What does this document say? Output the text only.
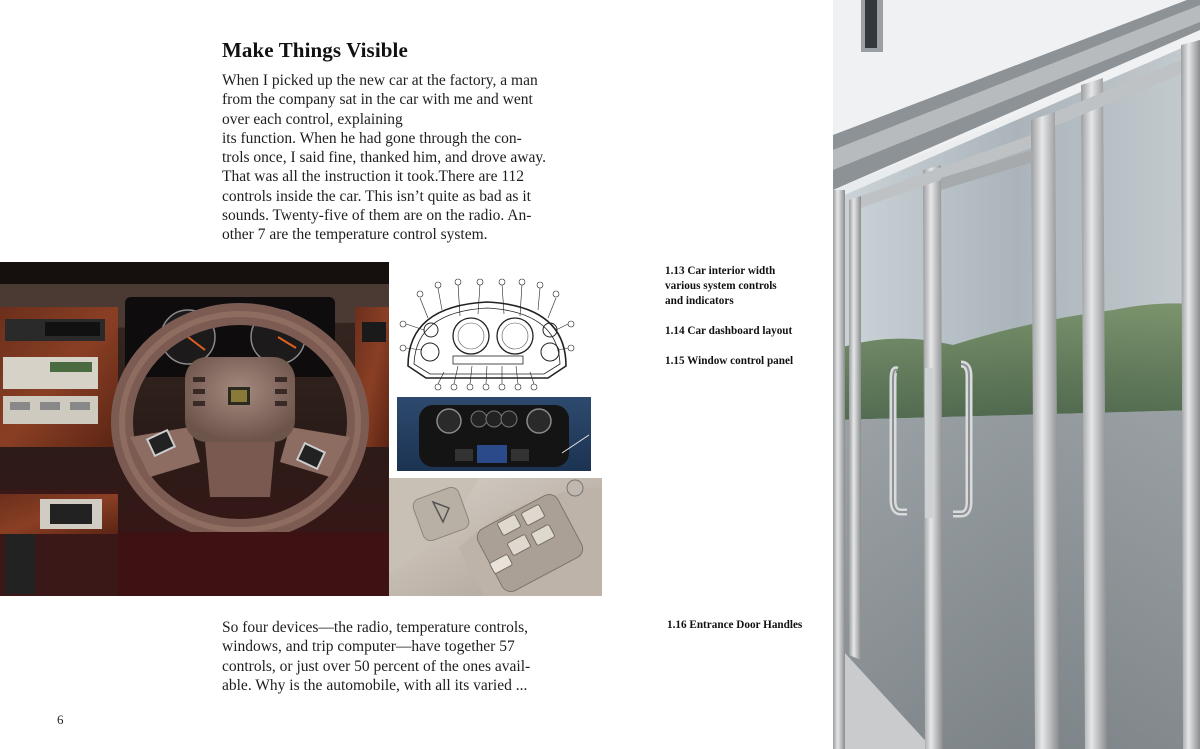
Make Things Visible
When I picked up the new car at the factory, a man
from the company sat in the car with me and went
over each control, explaining
its function. When he had gone through the con-
trols once, I said fine, thanked him, and drove away.
That was all the instruction it took.There are 112
controls inside the car. This isn’t quite as bad as it
sounds. Twenty-five of them are on the radio. An-
other 7 are the temperature control system.
1.13 Car interior width
various system controls
and indicators
1.14 Car dashboard layout
1.15 Window control panel
1.16 Entrance Door Handles
So four devices—the radio, temperature controls,
windows, and trip computer—have together 57
controls, or just over 50 percent of the ones avail-
able. Why is the automobile, with all its varied ...
6
